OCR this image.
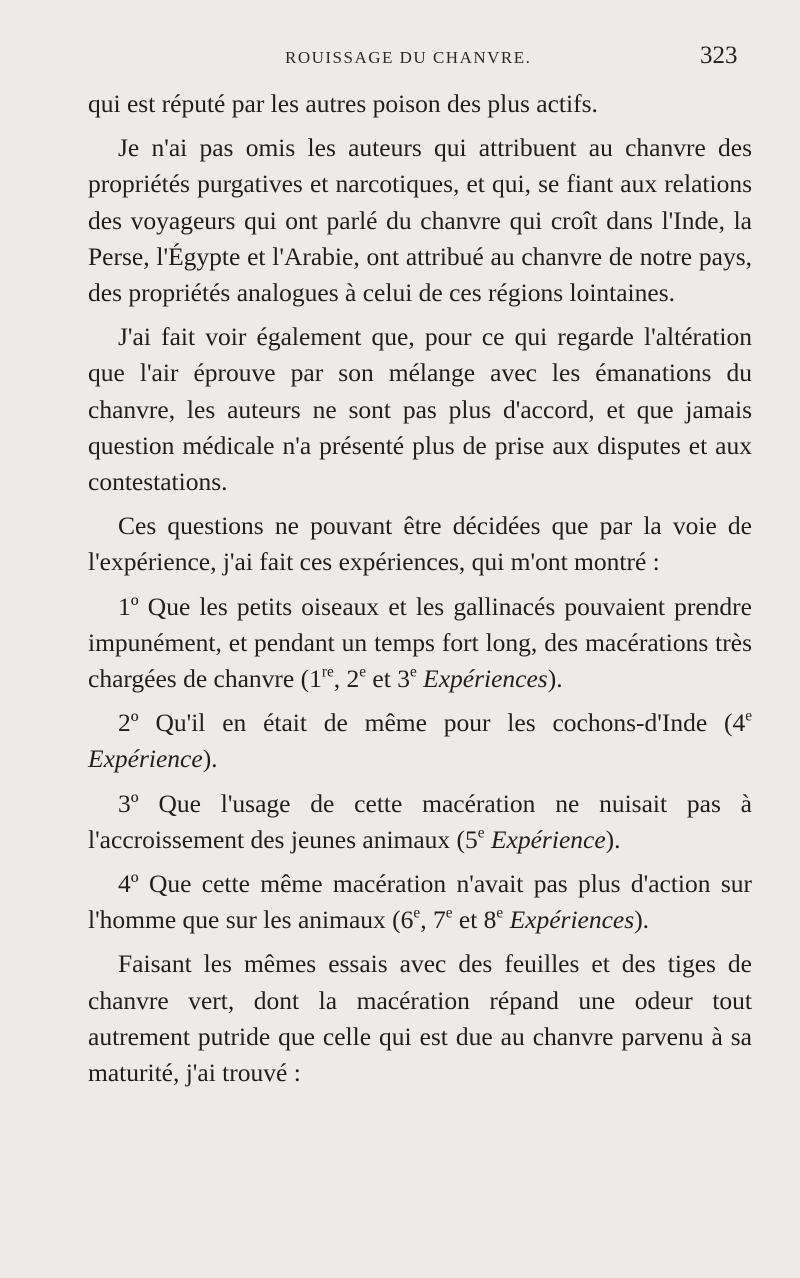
ROUISSAGE DU CHANVRE.	323

qui est réputé par les autres poison des plus actifs.

Je n'ai pas omis les auteurs qui attribuent au chanvre des propriétés purgatives et narcotiques, et qui, se fiant aux relations des voyageurs qui ont parlé du chanvre qui croît dans l'Inde, la Perse, l'Égypte et l'Arabie, ont attribué au chanvre de notre pays, des propriétés analogues à celui de ces régions lointaines.

J'ai fait voir également que, pour ce qui regarde l'altération que l'air éprouve par son mélange avec les émanations du chanvre, les auteurs ne sont pas plus d'accord, et que jamais question médicale n'a présenté plus de prise aux disputes et aux contestations.

Ces questions ne pouvant être décidées que par la voie de l'expérience, j'ai fait ces expériences, qui m'ont montré :

1º Que les petits oiseaux et les gallinacés pouvaient prendre impunément, et pendant un temps fort long, des macérations très chargées de chanvre (1re, 2e et 3e Expériences).

2º Qu'il en était de même pour les cochons-d'Inde (4e Expérience).

3º Que l'usage de cette macération ne nuisait pas à l'accroissement des jeunes animaux (5e Expérience).

4º Que cette même macération n'avait pas plus d'action sur l'homme que sur les animaux (6e, 7e et 8e Expériences).

Faisant les mêmes essais avec des feuilles et des tiges de chanvre vert, dont la macération répand une odeur tout autrement putride que celle qui est due au chanvre parvenu à sa maturité, j'ai trouvé :
